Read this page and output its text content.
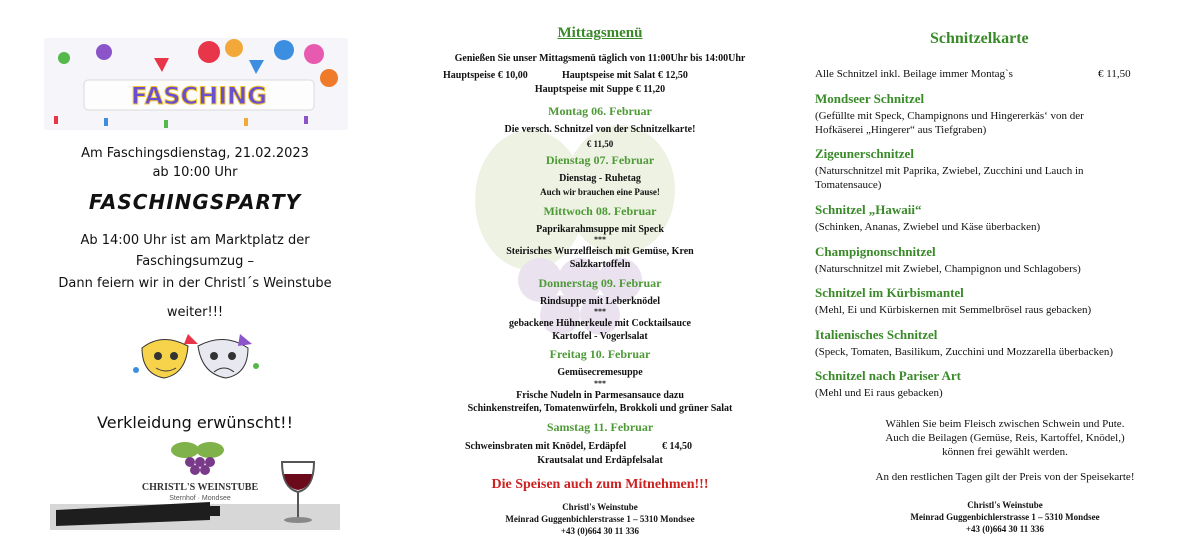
FASCHING
Am Faschingsdienstag, 21.02.2023
ab 10:00 Uhr
FASCHINGSPARTY
Ab 14:00 Uhr ist am Marktplatz der
Faschingsumzug –
Dann feiern wir in der Christl´s Weinstube
weiter!!!
Verkleidung erwünscht!!
CHRISTL'S WEINSTUBE
Sternhof · Mondsee
Mittagsmenü
Genießen Sie unser Mittagsmenü täglich von 11:00Uhr bis 14:00Uhr
Hauptspeise € 10,00	Hauptspeise mit Salat € 12,50
Hauptspeise mit Suppe € 11,20
Montag 06. Februar
Die versch. Schnitzel von der Schnitzelkarte!
€ 11,50
Dienstag 07. Februar
Dienstag - Ruhetag
Auch wir brauchen eine Pause!
Mittwoch 08. Februar
Paprikarahmsuppe mit Speck
***
Steirisches Wurzelfleisch mit Gemüse, Kren
Salzkartoffeln
Donnerstag 09. Februar
Rindsuppe mit Leberknödel
***
gebackene Hühnerkeule mit Cocktailsauce
Kartoffel - Vogerlsalat
Freitag 10. Februar
Gemüsecremesuppe
***
Frische Nudeln in Parmesansauce dazu
Schinkenstreifen, Tomatenwürfeln, Brokkoli und grüner Salat
Samstag 11. Februar
Schweinsbraten mit Knödel, Erdäpfel	€ 14,50
Krautsalat und Erdäpfelsalat
Die Speisen auch zum Mitnehmen!!!
Christl's Weinstube
Meinrad Guggenbichlerstrasse 1 – 5310 Mondsee
+43 (0)664 30 11 336
Schnitzelkarte
Alle Schnitzel inkl. Beilage immer Montag`s	€ 11,50
Mondseer Schnitzel
(Gefüllte mit Speck, Champignons und Hingererkäs‘ von der
Hofkäserei „Hingerer“ aus Tiefgraben)
Zigeunerschnitzel
(Naturschnitzel mit Paprika, Zwiebel, Zucchini und Lauch in
Tomatensauce)
Schnitzel „Hawaii“
(Schinken, Ananas, Zwiebel und Käse überbacken)
Champignonschnitzel
(Naturschnitzel mit Zwiebel, Champignon und Schlagobers)
Schnitzel im Kürbismantel
(Mehl, Ei und Kürbiskernen mit Semmelbrösel raus gebacken)
Italienisches Schnitzel
(Speck, Tomaten, Basilikum, Zucchini und Mozzarella überbacken)
Schnitzel nach Pariser Art
(Mehl und Ei raus gebacken)
Wählen Sie beim Fleisch zwischen Schwein und Pute.
Auch die Beilagen (Gemüse, Reis, Kartoffel, Knödel,)
können frei gewählt werden.
An den restlichen Tagen gilt der Preis von der Speisekarte!
Christl's Weinstube
Meinrad Guggenbichlerstrasse 1 – 5310 Mondsee
+43 (0)664 30 11 336
